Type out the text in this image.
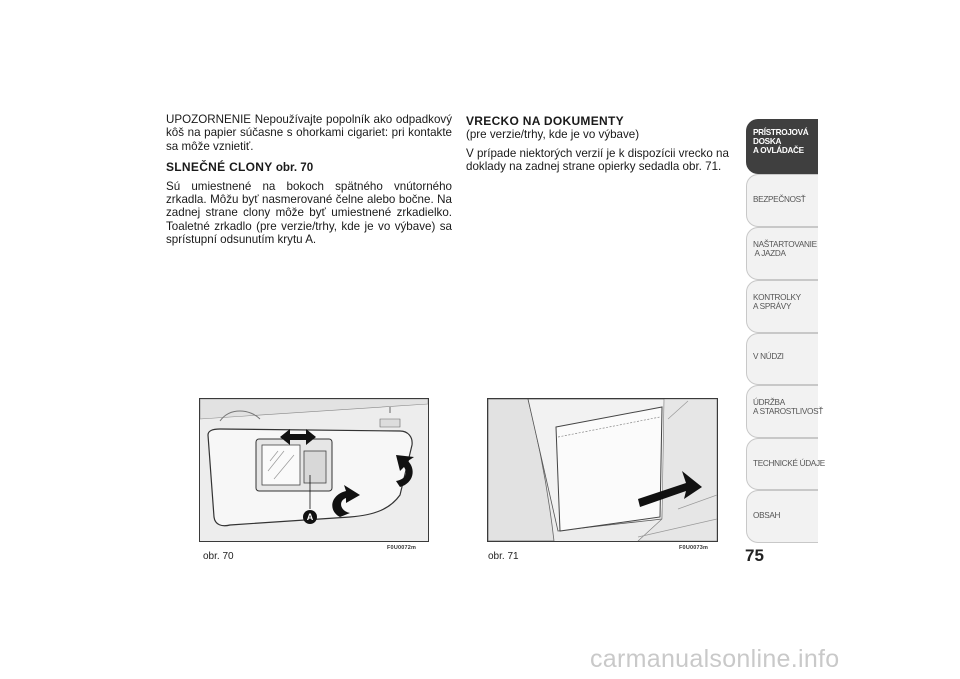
UPOZORNENIE Nepoužívajte popolník ako odpadkový kôš na papier súčasne s ohorkami cigariet: pri kontakte sa môže vznietiť.

SLNEČNÉ CLONY obr. 70

Sú umiestnené na bokoch spätného vnútorného zrkadla. Môžu byť nasmerované čelne alebo bočne. Na zadnej strane clony môže byť umiestnené zrkadielko. Toaletné zrkadlo (pre verzie/trhy, kde je vo výbave) sa sprístupní odsunutím krytu A.

VRECKO NA DOKUMENTY

(pre verzie/trhy, kde je vo výbave)

V prípade niektorých verzií je k dispozícii vrecko na doklady na zadnej strane opierky sedadla obr. 71.

A
obr. 70
F0U0072m
obr. 71
F0U0073m
PRÍSTROJOVÁ
DOSKA
A OVLÁDAČE
BEZPEČNOSŤ
NAŠTARTOVANIE
A JAZDA
KONTROLKY
A SPRÁVY
V NÚDZI
ÚDRŽBA
A STAROSTLIVOSŤ
TECHNICKÉ ÚDAJE
OBSAH
75
carmanualsonline.info
